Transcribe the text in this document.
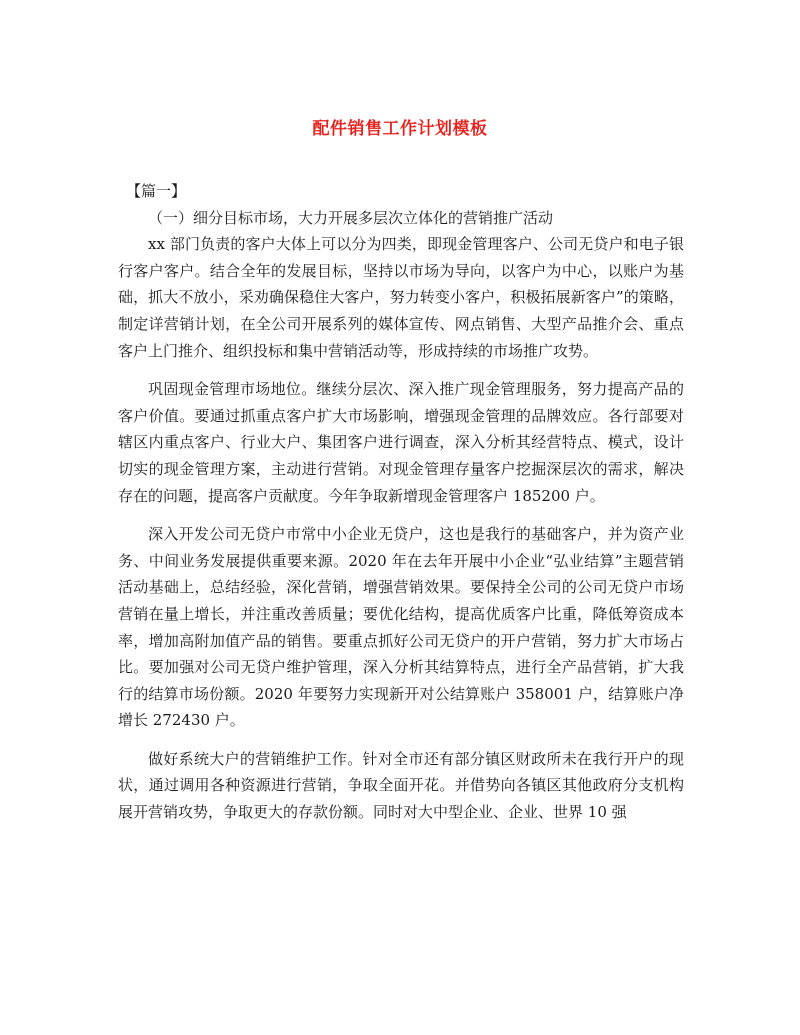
配件销售工作计划模板

【篇一】

（一）细分目标市场，大力开展多层次立体化的营销推广活动

xx 部门负责的客户大体上可以分为四类，即现金管理客户、公司无贷户和电子银行客户客户。结合全年的发展目标，坚持以市场为导向，以客户为中心，以账户为基础，抓大不放小，采劝确保稳住大客户，努力转变小客户，积极拓展新客户”的策略，制定详营销计划，在全公司开展系列的媒体宣传、网点销售、大型产品推介会、重点客户上门推介、组织投标和集中营销活动等，形成持续的市场推广攻势。

巩固现金管理市场地位。继续分层次、深入推广现金管理服务，努力提高产品的客户价值。要通过抓重点客户扩大市场影响，增强现金管理的品牌效应。各行部要对辖区内重点客户、行业大户、集团客户进行调查，深入分析其经营特点、模式，设计切实的现金管理方案，主动进行营销。对现金管理存量客户挖掘深层次的需求，解决存在的问题，提高客户贡献度。今年争取新增现金管理客户 185200 户。

深入开发公司无贷户市常中小企业无贷户，这也是我行的基础客户，并为资产业务、中间业务发展提供重要来源。2020 年在去年开展中小企业“弘业结算”主题营销活动基础上，总结经验，深化营销，增强营销效果。要保持全公司的公司无贷户市场营销在量上增长，并注重改善质量；要优化结构，提高优质客户比重，降低筹资成本率，增加高附加值产品的销售。要重点抓好公司无贷户的开户营销，努力扩大市场占比。要加强对公司无贷户维护管理，深入分析其结算特点，进行全产品营销，扩大我行的结算市场份额。2020 年要努力实现新开对公结算账户 358001 户，结算账户净增长 272430 户。

做好系统大户的营销维护工作。针对全市还有部分镇区财政所未在我行开户的现状，通过调用各种资源进行营销，争取全面开花。并借势向各镇区其他政府分支机构展开营销攻势，争取更大的存款份额。同时对大中型企业、企业、世界 10 强
